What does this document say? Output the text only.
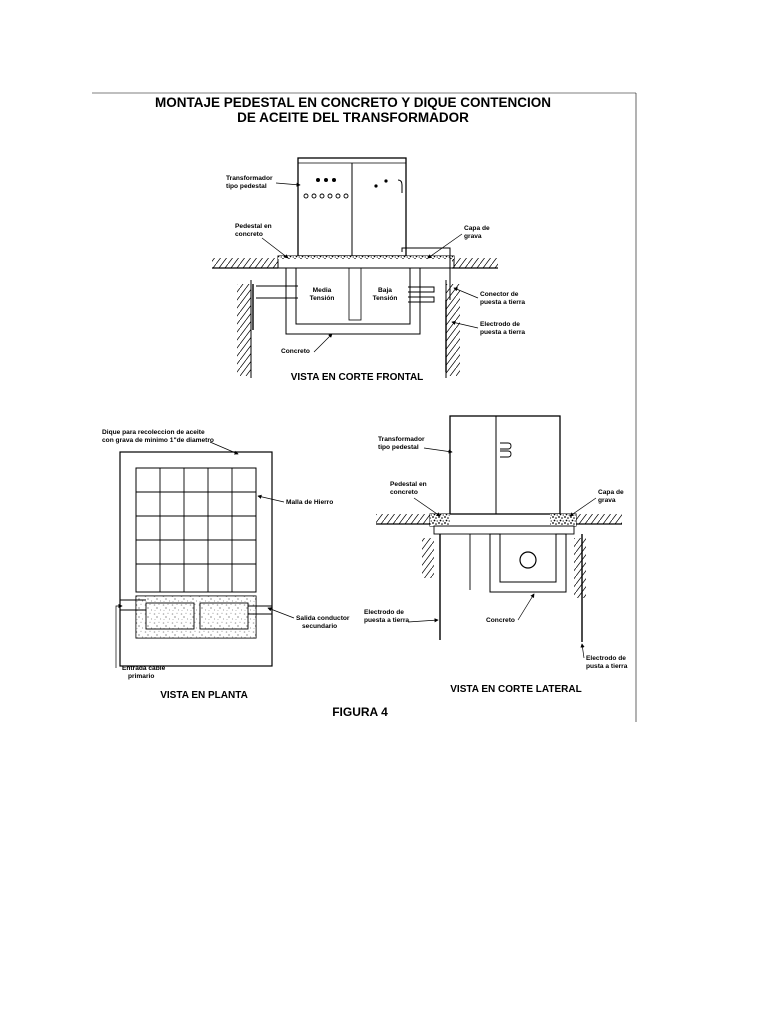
MONTAJE PEDESTAL EN CONCRETO Y DIQUE CONTENCION
DE ACEITE DEL TRANSFORMADOR
Transformador tipo pedestal
Pedestal en concreto
Capa de grava
Media Tensión
Baja Tensión
Conector de puesta a tierra
Electrodo de puesta a tierra
Concreto
VISTA EN CORTE FRONTAL
Dique para recoleccion de aceite con grava de minimo 1"de diametro
Malla de Hierro
Salida conductor secundario
Entrada cable primario
VISTA EN PLANTA
Transformador tipo pedestal
Pedestal en concreto	Capa de grava
Electrodo de puesta a tierra	Concreto
Electrodo de pusta a tierra
VISTA EN CORTE LATERAL
FIGURA 4
